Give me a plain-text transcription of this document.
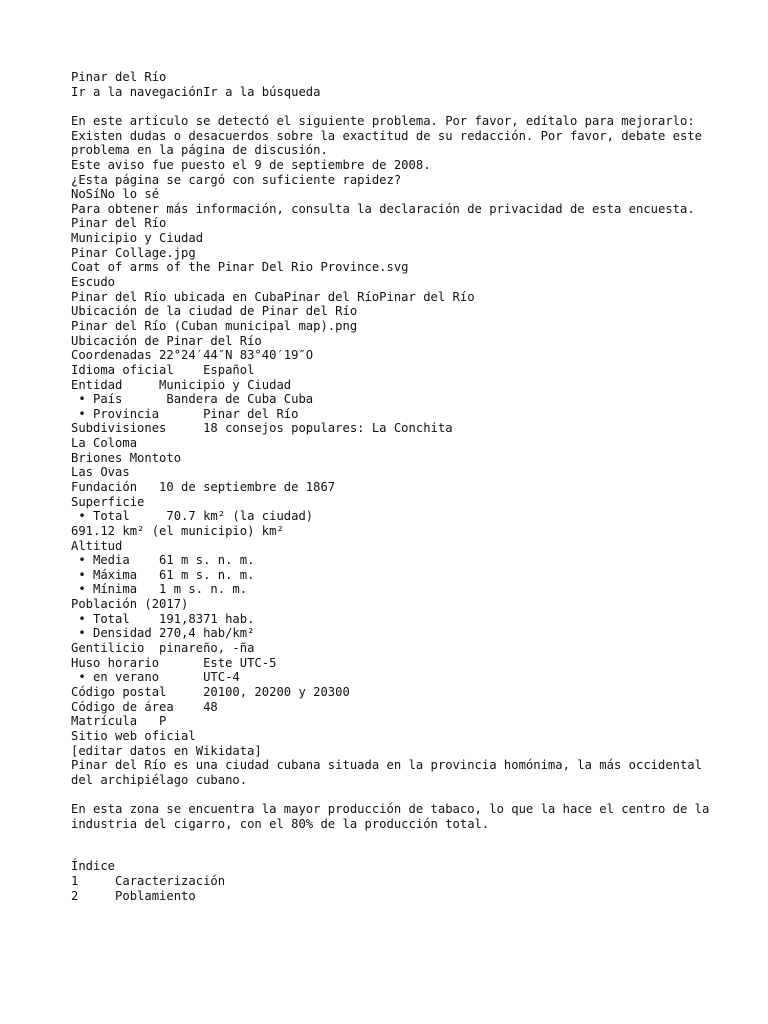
Pinar del Río
Ir a la navegaciónIr a la búsqueda
En este artículo se detectó el siguiente problema. Por favor, edítalo para mejorarlo:
Existen dudas o desacuerdos sobre la exactitud de su redacción. Por favor, debate este problema en la página de discusión.
Este aviso fue puesto el 9 de septiembre de 2008.
¿Esta página se cargó con suficiente rapidez?
NoSíNo lo sé
Para obtener más información, consulta la declaración de privacidad de esta encuesta.
Pinar del Río
Municipio y Ciudad
Pinar Collage.jpg
Coat of arms of the Pinar Del Rio Province.svg
Escudo
Pinar del Río ubicada en CubaPinar del RíoPinar del Río
Ubicación de la ciudad de Pinar del Río
Pinar del Río (Cuban municipal map).png
Ubicación de Pinar del Río
Coordenadas 22°24′44″N 83°40′19″O
Idioma oficial    Español
Entidad     Municipio y Ciudad
• País      Bandera de Cuba Cuba
• Provincia      Pinar del Río
Subdivisiones     18 consejos populares: La Conchita
La Coloma
Briones Montoto
Las Ovas
Fundación   10 de septiembre de 1867
Superficie
• Total     70.7 km² (la ciudad)
691.12 km² (el municipio) km²
Altitud
• Media    61 m s. n. m.
• Máxima   61 m s. n. m.
• Mínima   1 m s. n. m.
Población (2017)
• Total    191,8371 hab.
• Densidad 270,4 hab/km²
Gentilicio  pinareño, -ña
Huso horario      Este UTC-5
• en verano      UTC-4
Código postal     20100, 20200 y 20300
Código de área    48
Matrícula   P
Sitio web oficial
[editar datos en Wikidata]
Pinar del Río es una ciudad cubana situada en la provincia homónima, la más occidental del archipiélago cubano.
En esta zona se encuentra la mayor producción de tabaco, lo que la hace el centro de la industria del cigarro, con el 80% de la producción total.
Índice
1     Caracterización
2     Poblamiento
